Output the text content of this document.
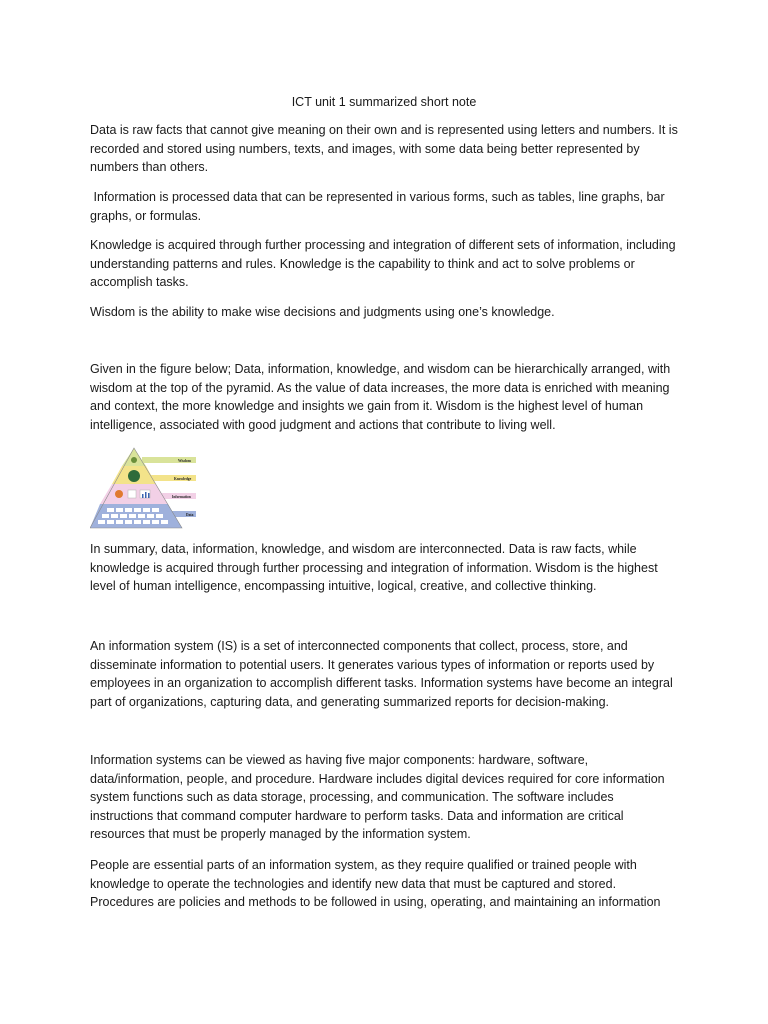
ICT unit 1 summarized short note

Data is raw facts that cannot give meaning on their own and is represented using letters and numbers. It is recorded and stored using numbers, texts, and images, with some data being better represented by numbers than others.

Information is processed data that can be represented in various forms, such as tables, line graphs, bar graphs, or formulas.

Knowledge is acquired through further processing and integration of different sets of information, including understanding patterns and rules. Knowledge is the capability to think and act to solve problems or accomplish tasks.

Wisdom is the ability to make wise decisions and judgments using one’s knowledge.

Given in the figure below; Data, information, knowledge, and wisdom can be hierarchically arranged, with wisdom at the top of the pyramid. As the value of data increases, the more data is enriched with meaning and context, the more knowledge and insights we gain from it. Wisdom is the highest level of human intelligence, associated with good judgment and actions that contribute to living well.

Wisdom
Knowledge
Information
Data

In summary, data, information, knowledge, and wisdom are interconnected. Data is raw facts, while knowledge is acquired through further processing and integration of information. Wisdom is the highest level of human intelligence, encompassing intuitive, logical, creative, and collective thinking.

An information system (IS) is a set of interconnected components that collect, process, store, and disseminate information to potential users. It generates various types of information or reports used by employees in an organization to accomplish different tasks. Information systems have become an integral part of organizations, capturing data, and generating summarized reports for decision-making.

Information systems can be viewed as having five major components: hardware, software, data/information, people, and procedure. Hardware includes digital devices required for core information system functions such as data storage, processing, and communication. The software includes instructions that command computer hardware to perform tasks. Data and information are critical resources that must be properly managed by the information system.

People are essential parts of an information system, as they require qualified or trained people with knowledge to operate the technologies and identify new data that must be captured and stored. Procedures are policies and methods to be followed in using, operating, and maintaining an information
